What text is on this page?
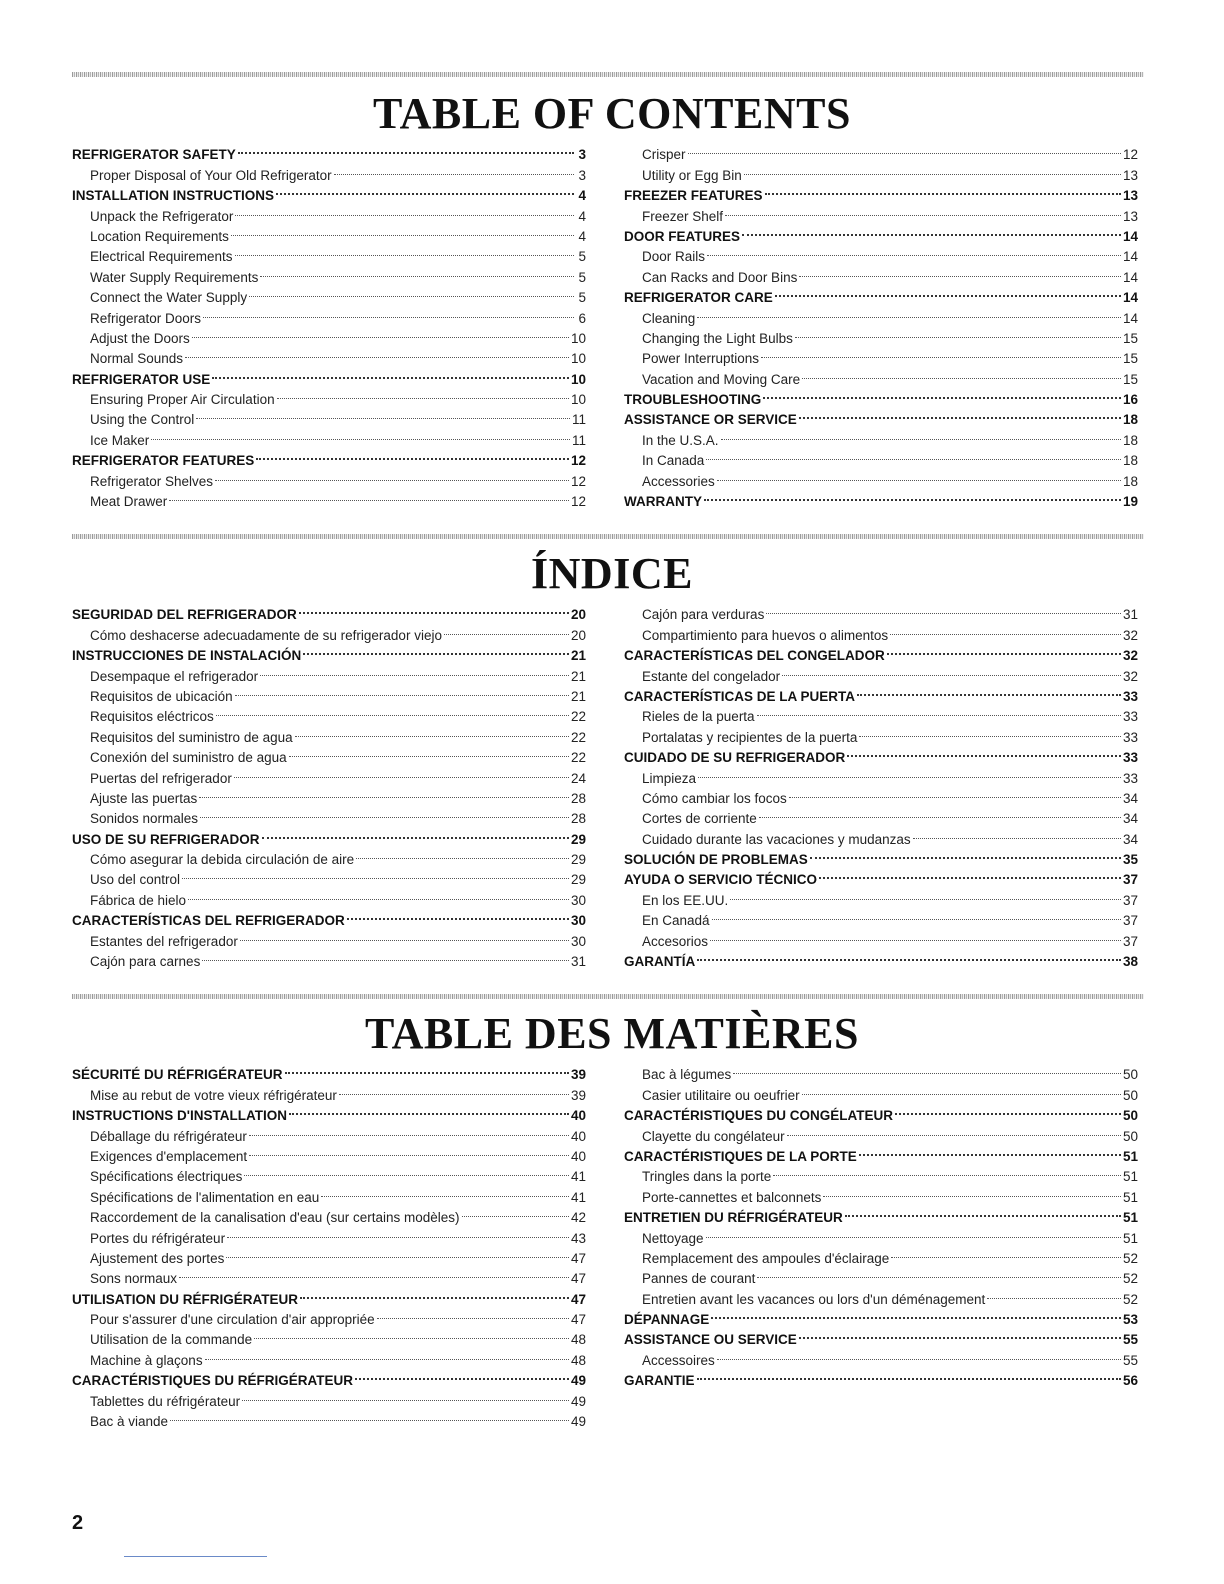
TABLE OF CONTENTS
REFRIGERATOR SAFETY	3
Proper Disposal of Your Old Refrigerator	3
INSTALLATION INSTRUCTIONS	4
Unpack the Refrigerator	4
Location Requirements	4
Electrical Requirements	5
Water Supply Requirements	5
Connect the Water Supply	5
Refrigerator Doors	6
Adjust the Doors	10
Normal Sounds	10
REFRIGERATOR USE	10
Ensuring Proper Air Circulation	10
Using the Control	11
Ice Maker	11
REFRIGERATOR FEATURES	12
Refrigerator Shelves	12
Meat Drawer	12
Crisper	12
Utility or Egg Bin	13
FREEZER FEATURES	13
Freezer Shelf	13
DOOR FEATURES	14
Door Rails	14
Can Racks and Door Bins	14
REFRIGERATOR CARE	14
Cleaning	14
Changing the Light Bulbs	15
Power Interruptions	15
Vacation and Moving Care	15
TROUBLESHOOTING	16
ASSISTANCE OR SERVICE	18
In the U.S.A.	18
In Canada	18
Accessories	18
WARRANTY	19
ÍNDICE
SEGURIDAD DEL REFRIGERADOR	20
Cómo deshacerse adecuadamente de su refrigerador viejo	20
INSTRUCCIONES DE INSTALACIÓN	21
Desempaque el refrigerador	21
Requisitos de ubicación	21
Requisitos eléctricos	22
Requisitos del suministro de agua	22
Conexión del suministro de agua	22
Puertas del refrigerador	24
Ajuste las puertas	28
Sonidos normales	28
USO DE SU REFRIGERADOR	29
Cómo asegurar la debida circulación de aire	29
Uso del control	29
Fábrica de hielo	30
CARACTERÍSTICAS DEL REFRIGERADOR	30
Estantes del refrigerador	30
Cajón para carnes	31
Cajón para verduras	31
Compartimiento para huevos o alimentos	32
CARACTERÍSTICAS DEL CONGELADOR	32
Estante del congelador	32
CARACTERÍSTICAS DE LA PUERTA	33
Rieles de la puerta	33
Portalatas y recipientes de la puerta	33
CUIDADO DE SU REFRIGERADOR	33
Limpieza	33
Cómo cambiar los focos	34
Cortes de corriente	34
Cuidado durante las vacaciones y mudanzas	34
SOLUCIÓN DE PROBLEMAS	35
AYUDA O SERVICIO TÉCNICO	37
En los EE.UU.	37
En Canadá	37
Accesorios	37
GARANTÍA	38
TABLE DES MATIÈRES
SÉCURITÉ DU RÉFRIGÉRATEUR	39
Mise au rebut de votre vieux réfrigérateur	39
INSTRUCTIONS D'INSTALLATION	40
Déballage du réfrigérateur	40
Exigences d'emplacement	40
Spécifications électriques	41
Spécifications de l'alimentation en eau	41
Raccordement de la canalisation d'eau (sur certains modèles)	42
Portes du réfrigérateur	43
Ajustement des portes	47
Sons normaux	47
UTILISATION DU RÉFRIGÉRATEUR	47
Pour s'assurer d'une circulation d'air appropriée	47
Utilisation de la commande	48
Machine à glaçons	48
CARACTÉRISTIQUES DU RÉFRIGÉRATEUR	49
Tablettes du réfrigérateur	49
Bac à viande	49
Bac à légumes	50
Casier utilitaire ou oeufrier	50
CARACTÉRISTIQUES DU CONGÉLATEUR	50
Clayette du congélateur	50
CARACTÉRISTIQUES DE LA PORTE	51
Tringles dans la porte	51
Porte-cannettes et balconnets	51
ENTRETIEN DU RÉFRIGÉRATEUR	51
Nettoyage	51
Remplacement des ampoules d'éclairage	52
Pannes de courant	52
Entretien avant les vacances ou lors d'un déménagement	52
DÉPANNAGE	53
ASSISTANCE OU SERVICE	55
Accessoires	55
GARANTIE	56
2
